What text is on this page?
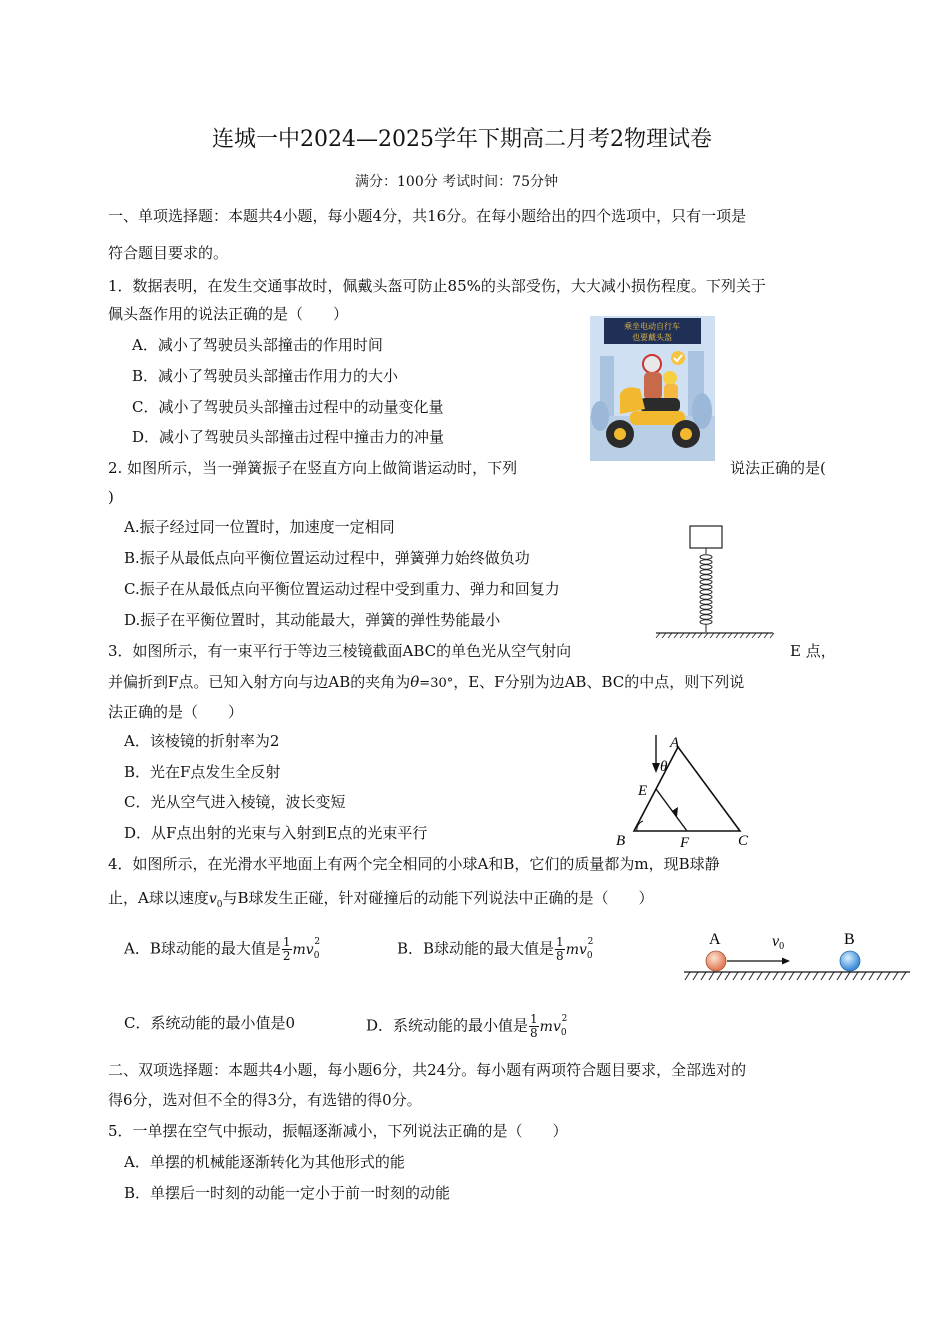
连城一中2024—2025学年下期高二月考2物理试卷
满分：100分 考试时间：75分钟
一、单项选择题：本题共4小题，每小题4分，共16分。在每小题给出的四个选项中，只有一项是
符合题目要求的。
1．数据表明，在发生交通事故时，佩戴头盔可防止85%的头部受伤，大大减小损伤程度。下列关于
佩头盔作用的说法正确的是（　　）
A．减小了驾驶员头部撞击的作用时间
B．减小了驾驶员头部撞击作用力的大小
C．减小了驾驶员头部撞击过程中的动量变化量
D．减小了驾驶员头部撞击过程中撞击力的冲量
乘坐电动自行车
也要戴头盔
2. 如图所示，当一弹簧振子在竖直方向上做简谐运动时，下列	说法正确的是(
)
A.振子经过同一位置时，加速度一定相同
B.振子从最低点向平衡位置运动过程中，弹簧弹力始终做负功
C.振子在从最低点向平衡位置运动过程中受到重力、弹力和回复力
D.振子在平衡位置时，其动能最大，弹簧的弹性势能最小
3．如图所示，有一束平行于等边三棱镜截面ABC的单色光从空气射向	E 点，
并偏折到F点。已知入射方向与边AB的夹角为θ=30°，E、F分别为边AB、BC的中点，则下列说
法正确的是（　　）
A．该棱镜的折射率为2
B．光在F点发生全反射
C．光从空气进入棱镜，波长变短
D．从F点出射的光束与入射到E点的光束平行
A
θ
E
B	F	C
4．如图所示，在光滑水平地面上有两个完全相同的小球A和B，它们的质量都为m，现B球静
止，A球以速度$v_0$与B球发生正碰，针对碰撞后的动能下列说法中正确的是（　　）
A．B球动能的最大值是 $\frac{1}{2} mv_0^2$	B．B球动能的最大值是 $\frac{1}{8} mv_0^2$	A	B
v0
C．系统动能的最小值是0	D．系统动能的最小值是 $\frac{1}{8} mv_0^2$
二、双项选择题：本题共4小题，每小题6分，共24分。每小题有两项符合题目要求，全部选对的
得6分，选对但不全的得3分，有选错的得0分。
5．一单摆在空气中振动，振幅逐渐减小，下列说法正确的是（　　）
A．单摆的机械能逐渐转化为其他形式的能
B．单摆后一时刻的动能一定小于前一时刻的动能
